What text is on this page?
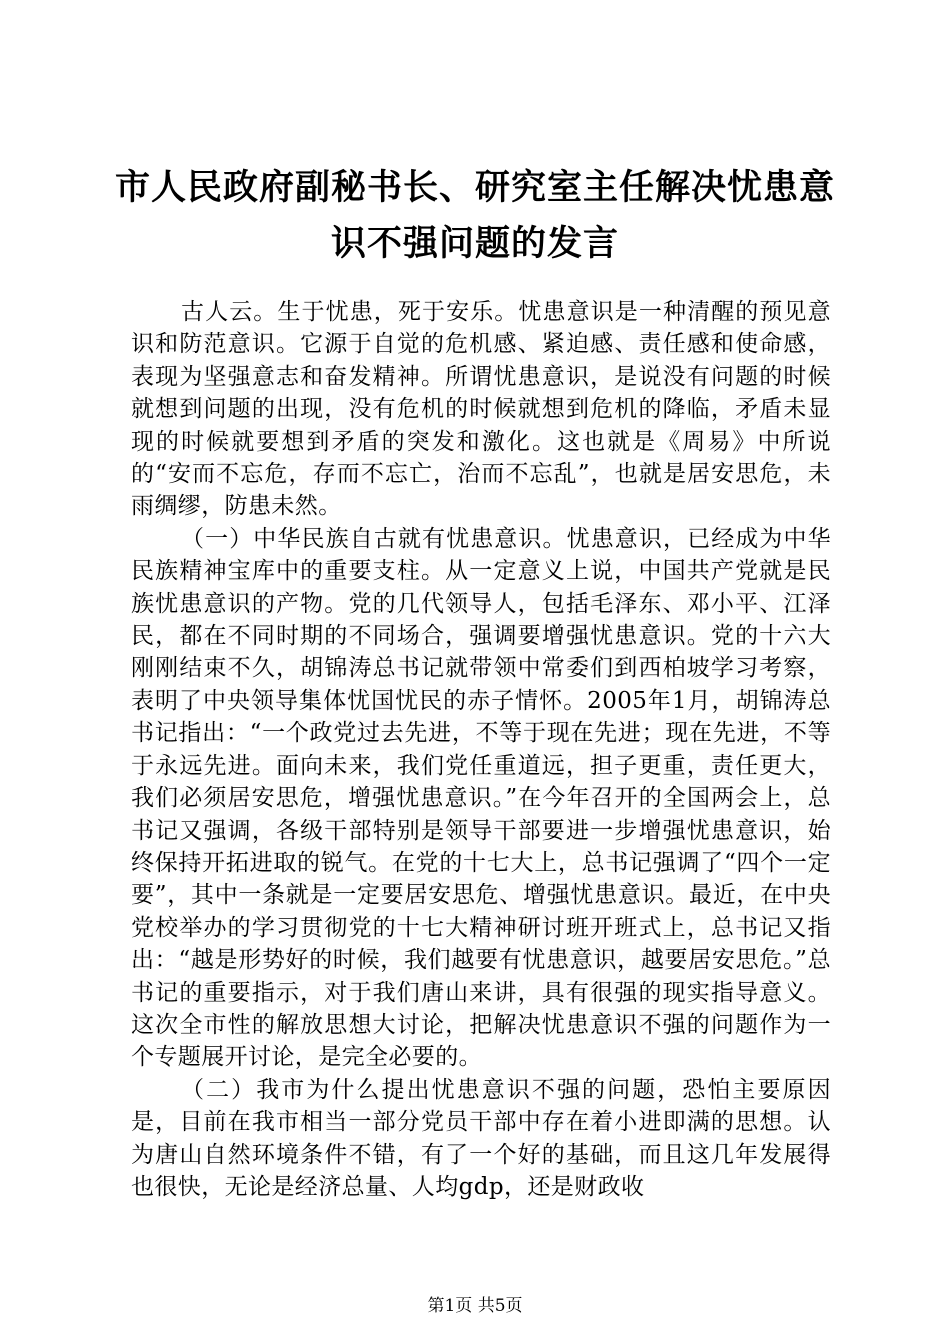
市人民政府副秘书长、研究室主任解决忧患意识不强问题的发言

古人云。生于忧患，死于安乐。忧患意识是一种清醒的预见意识和防范意识。它源于自觉的危机感、紧迫感、责任感和使命感，表现为坚强意志和奋发精神。所谓忧患意识，是说没有问题的时候就想到问题的出现，没有危机的时候就想到危机的降临，矛盾未显现的时候就要想到矛盾的突发和激化。这也就是《周易》中所说的“安而不忘危，存而不忘亡，治而不忘乱”，也就是居安思危，未雨绸缪，防患未然。

（一）中华民族自古就有忧患意识。忧患意识，已经成为中华民族精神宝库中的重要支柱。从一定意义上说，中国共产党就是民族忧患意识的产物。党的几代领导人，包括毛泽东、邓小平、江泽民，都在不同时期的不同场合，强调要增强忧患意识。党的十六大刚刚结束不久，胡锦涛总书记就带领中常委们到西柏坡学习考察，表明了中央领导集体忧国忧民的赤子情怀。2005年1月，胡锦涛总书记指出：“一个政党过去先进，不等于现在先进；现在先进，不等于永远先进。面向未来，我们党任重道远，担子更重，责任更大，我们必须居安思危，增强忧患意识。”在今年召开的全国两会上，总书记又强调，各级干部特别是领导干部要进一步增强忧患意识，始终保持开拓进取的锐气。在党的十七大上，总书记强调了“四个一定要”，其中一条就是一定要居安思危、增强忧患意识。最近，在中央党校举办的学习贯彻党的十七大精神研讨班开班式上，总书记又指出：“越是形势好的时候，我们越要有忧患意识，越要居安思危。”总书记的重要指示，对于我们唐山来讲，具有很强的现实指导意义。这次全市性的解放思想大讨论，把解决忧患意识不强的问题作为一个专题展开讨论，是完全必要的。

（二）我市为什么提出忧患意识不强的问题，恐怕主要原因是，目前在我市相当一部分党员干部中存在着小进即满的思想。认为唐山自然环境条件不错，有了一个好的基础，而且这几年发展得也很快，无论是经济总量、人均gdp，还是财政收

第1页 共5页
